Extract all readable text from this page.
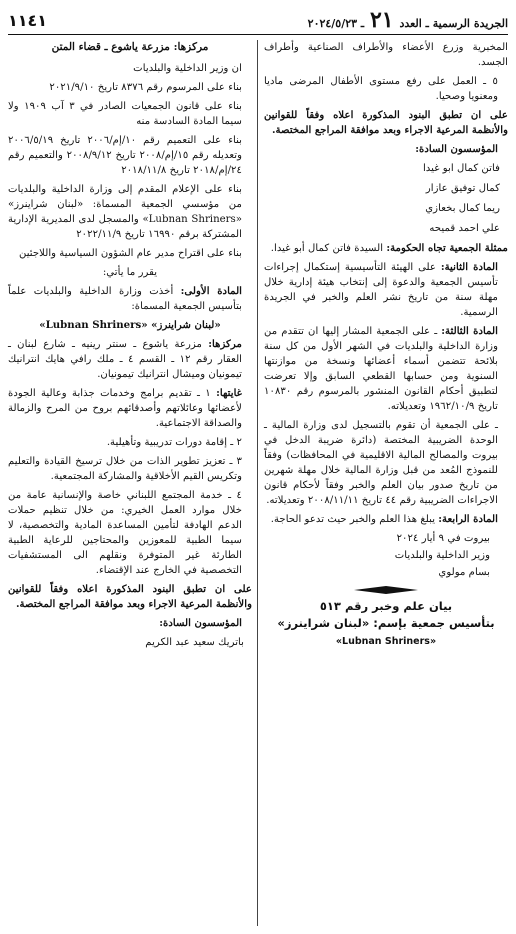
١١٤١	الجريدة الرسمية ـ العدد ٢١ ـ ٢٠٢٤/٥/٢٣

المخبرية وزرع الأعضاء والأطراف الصناعية وأطراف الجسد.

٥ ـ العمل على رفع مستوى الأطفال المرضى ماديا ومعنويا وصحيا.

على ان تطبق البنود المذكورة اعلاه وفقاً للقوانين والأنظمة المرعية الاجراء وبعد موافقة المراجع المختصة.

المؤسسون السادة:

فاتن كمال ابو غيدا

كمال توفيق عازار

ريما كمال بخعازي

علي احمد قميحه

ممثلة الجمعية تجاه الحكومة: السيدة فاتن كمال أبو غيدا.

المادة الثانية: على الهيئة التأسيسية إستكمال إجراءات تأسيس الجمعية والدعوة إلى إنتخاب هيئة إدارية خلال مهلة سنة من تاريخ نشر العلم والخبر في الجريدة الرسمية.

المادة الثالثة: ـ على الجمعية المشار إليها ان تتقدم من وزارة الداخلية والبلديات في الشهر الأول من كل سنة بلائحة تتضمن أسماء أعضائها ونسخة من موازنتها السنوية ومن حسابها القطعي السابق وإلا تعرضت لتطبيق أحكام القانون المنشور بالمرسوم رقم ١٠٨٣٠ تاريخ ١٩٦٢/١٠/٩ وتعديلاته.

ـ على الجمعية أن تقوم بالتسجيل لدى وزارة المالية ـ الوحدة الضريبية المختصة (دائرة ضريبة الدخل في بيروت والمصالح المالية الاقليمية في المحافظات) وفقاً للنموذج المُعد من قبل وزارة المالية خلال مهلة شهرين من تاريخ صدور بيان العلم والخبر وفقاً لأحكام قانون الاجراءات الضريبية رقم ٤٤ تاريخ ٢٠٠٨/١١/١١ وتعديلاته.

المادة الرابعة: يبلغ هذا العلم والخبر حيث تدعو الحاجة.

بيروت في ٩ أيار ٢٠٢٤

وزير الداخلية والبلديات

بسام مولوي

بيان علم وخبر رقم ٥١٣
بتأسيس جمعية بإسم: «لبنان شراينرز»
«Lubnan Shriners»
مركزها: مزرعة ياشوع ـ قضاء المتن

ان وزير الداخلية والبلديات

بناء على المرسوم رقم ٨٣٧٦ تاريخ ٢٠٢١/٩/١٠

بناء على قانون الجمعيات الصادر في ٣ آب ١٩٠٩ ولا سيما المادة السادسة منه

بناء على التعميم رقم ١٠/إم/٢٠٠٦ تاريخ ٢٠٠٦/٥/١٩ وتعديله رقم ١٥/إم/٢٠٠٨ تاريخ ٢٠٠٨/٩/١٢ والتعميم رقم ٢٤/إم/٢٠١٨ تاريخ ٢٠١٨/١١/٨

بناء على الإعلام المقدم إلى وزارة الداخلية والبلديات من مؤسسي الجمعية المسماة: «لبنان شراينرز» «Lubnan Shriners» والمسجل لدى المديرية الإدارية المشتركة برقم ١٦٩٩٠ تاريخ ٢٠٢٢/١١/٩

بناء على اقتراح مدير عام الشؤون السياسية واللاجئين

يقرر ما يأتي:

المادة الأولى: أخذت وزارة الداخلية والبلديات علماً بتأسيس الجمعية المسماة:

«لبنان شراينرز» «Lubnan Shriners»

مركزها: مزرعة ياشوع ـ سنتر رينيه ـ شارع لبنان ـ العقار رقم ١٢ ـ القسم ٤ ـ ملك رافي هايك انترانيك تيمونيان وميشال انترانيك تيمونيان.

غايتها: ١ ـ تقديم برامج وخدمات جذابة وعالية الجودة لأعضائها وعائلاتهم وأصدقائهم بروح من المرح والزمالة والصداقة الاجتماعية.

٢ ـ إقامة دورات تدريبية وتأهيلية.

٣ ـ تعزيز تطوير الذات من خلال ترسيخ القيادة والتعليم وتكريس القيم الأخلاقية والمشاركة المجتمعية.

٤ ـ خدمة المجتمع اللبناني خاصة والإنسانية عامة من خلال موارد العمل الخيري: من خلال تنظيم حملات الدعم الهادفة لتأمين المساعدة المادية والتخصصية، لا سيما الطبية للمعوزين والمحتاجين للرعاية الطبية الطارئة غير المتوفرة ونقلهم الى المستشفيات التخصصية في الخارج عند الإقتضاء.

على ان تطبق البنود المذكورة اعلاه وفقاً للقوانين والأنظمة المرعية الاجراء وبعد موافقة المراجع المختصة.

المؤسسون السادة:

باتريك سعيد عبد الكريم
